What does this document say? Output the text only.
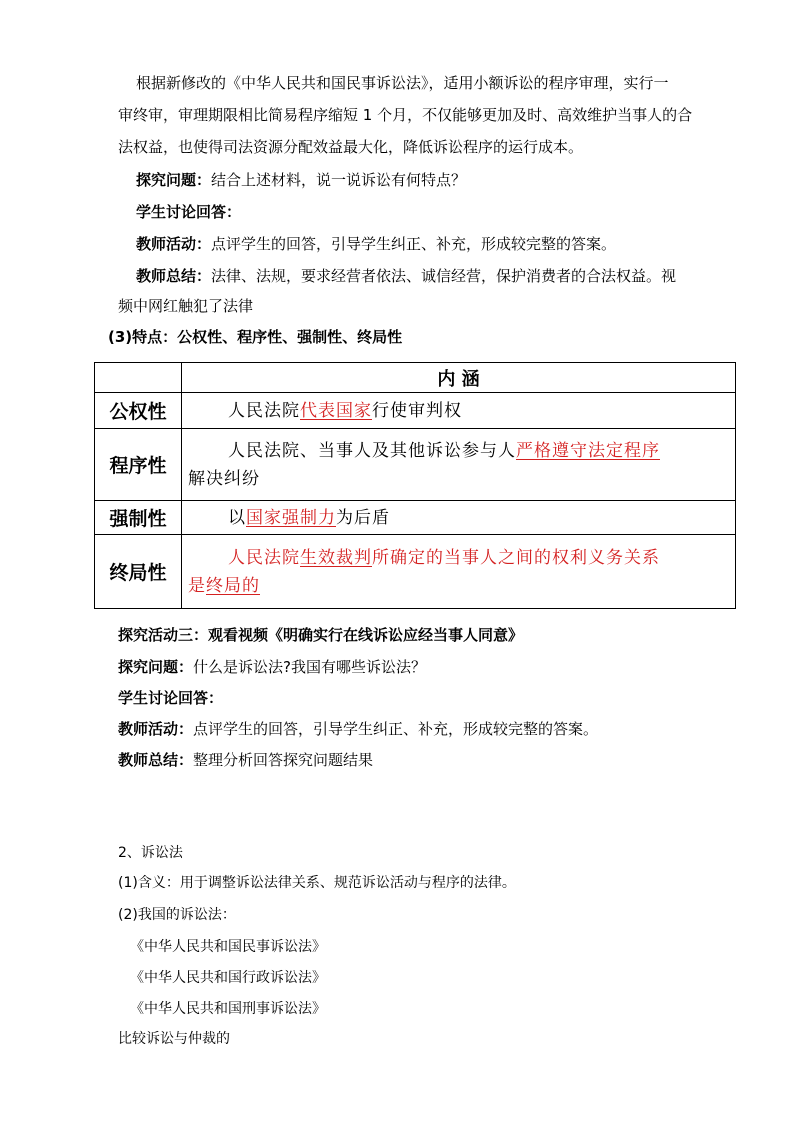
根据新修改的《中华人民共和国民事诉讼法》，适用小额诉讼的程序审理，实行一

审终审，审理期限相比简易程序缩短 1 个月，不仅能够更加及时、高效维护当事人的合

法权益，也使得司法资源分配效益最大化，降低诉讼程序的运行成本。

探究问题：结合上述材料，说一说诉讼有何特点？

学生讨论回答：

教师活动：点评学生的回答，引导学生纠正、补充，形成较完整的答案。

教师总结：法律、法规，要求经营者依法、诚信经营，保护消费者的合法权益。视

频中网红触犯了法律

(3)特点：公权性、程序性、强制性、终局性

	内 涵
公权性	人民法院代表国家行使审判权
程序性	人民法院、当事人及其他诉讼参与人严格遵守法定程序
解决纠纷

强制性	以国家强制力为后盾
终局性	人民法院生效裁判所确定的当事人之间的权利义务关系
是终局的

探究活动三：观看视频《明确实行在线诉讼应经当事人同意》

探究问题：什么是诉讼法?我国有哪些诉讼法？

学生讨论回答：

教师活动：点评学生的回答，引导学生纠正、补充，形成较完整的答案。

教师总结：整理分析回答探究问题结果

2、诉讼法

(1)含义：用于调整诉讼法律关系、规范诉讼活动与程序的法律。

(2)我国的诉讼法：

《中华人民共和国民事诉讼法》

《中华人民共和国行政诉讼法》

《中华人民共和国刑事诉讼法》

比较诉讼与仲裁的
